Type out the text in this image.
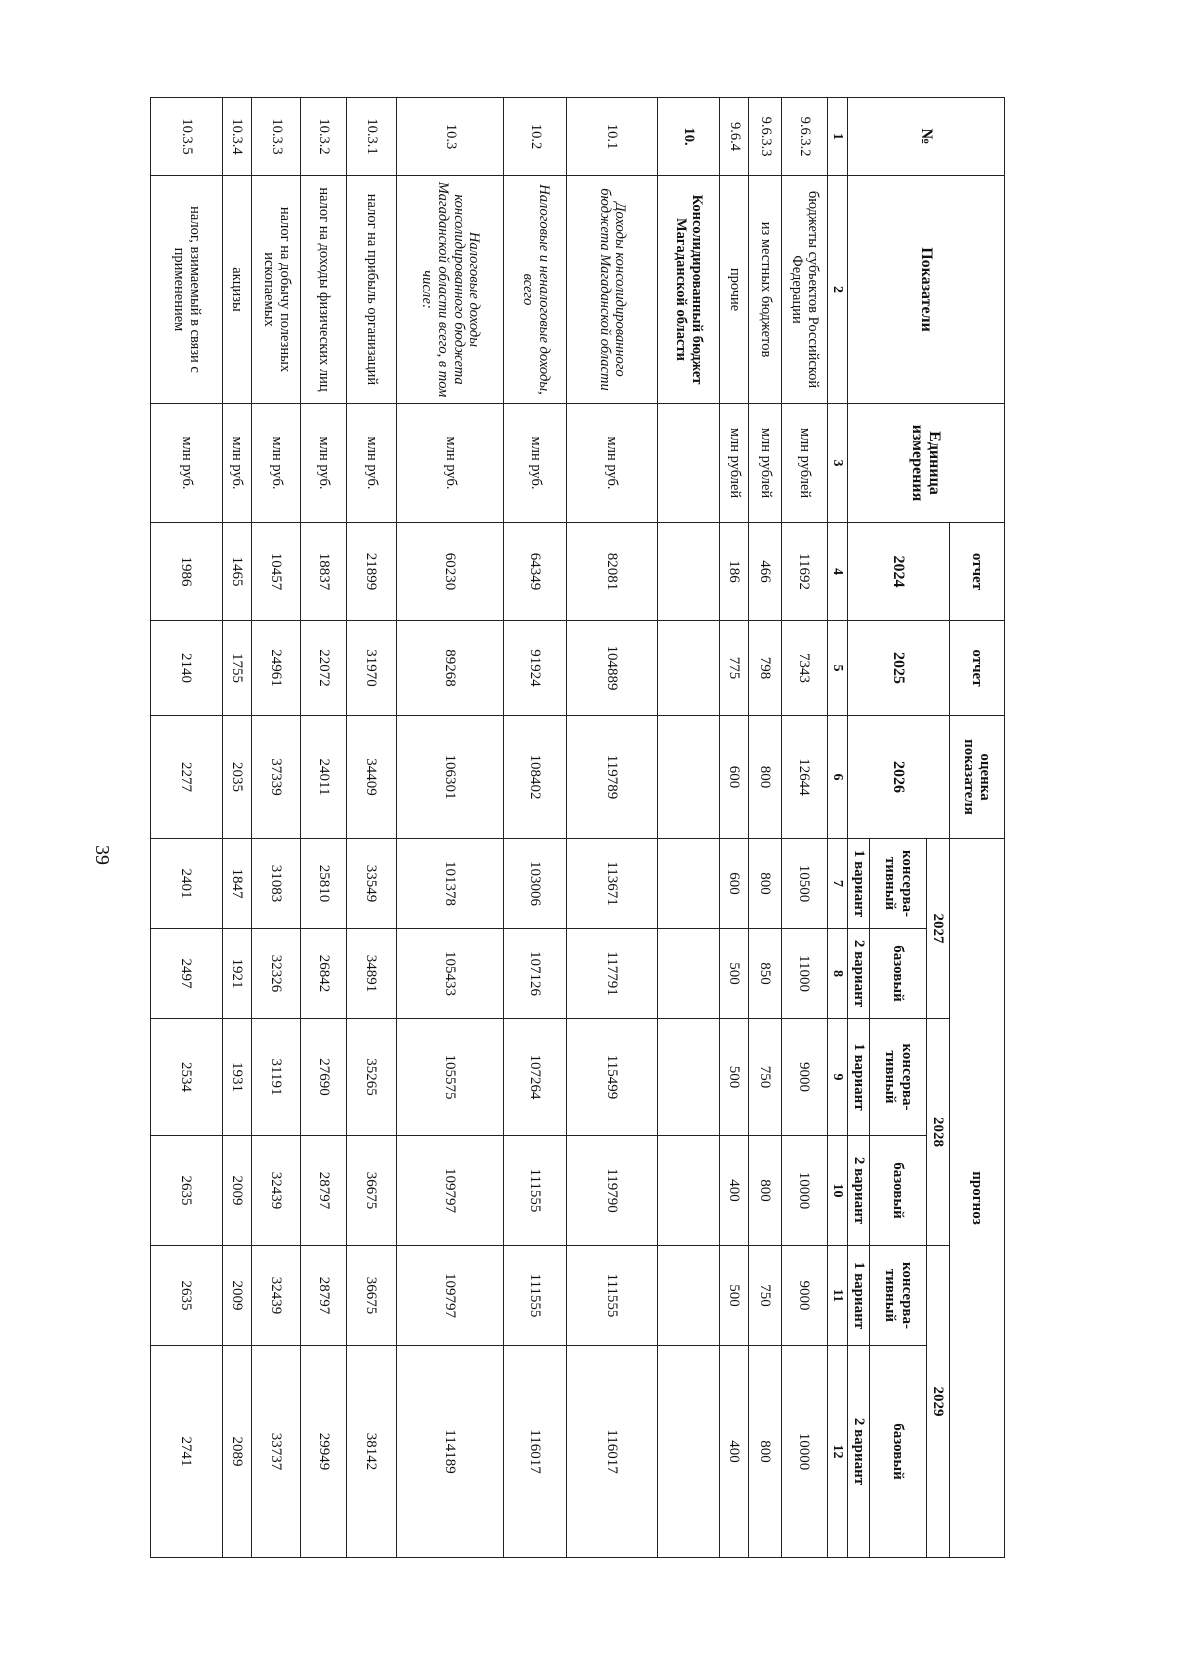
39
№	Показатели	Единица измерения	отчет	отчет	оценка показателя	прогноз					
			2024	2025	2026	2027		2028		2029	
						консерва-тивный	базовый	консерва-тивный	базовый	консерва-тивный	базовый
						1 вариант	2 вариант	1 вариант	2 вариант	1 вариант	2 вариант
1	2	3	4	5	6	7	8	9	10	11	12
9.6.3.2	бюджеты субъектов Российской Федерации	млн рублей	11692	7343	12644	10500	11000	9000	10000	9000	10000
9.6.3.3	из местных бюджетов	млн рублей	466	798	800	800	850	750	800	750	800
9.6.4	прочие	млн рублей	186	775	600	600	500	500	400	500	400
10.	Консолидированный бюджет Магаданской области										
10.1	Доходы консолидированного бюджета Магаданской области	млн руб.	82081	104889	119789	113671	117791	115499	119790	111555	116017
10.2	Налоговые и неналоговые доходы, всего	млн руб.	64349	91924	108402	103006	107126	107264	111555	111555	116017
10.3	Налоговые доходы консолидированного бюджета Магаданской области всего, в том числе:	млн руб.	60230	89268	106301	101378	105433	105575	109797	109797	114189
10.3.1	налог на прибыль организаций	млн руб.	21899	31970	34409	33549	34891	35265	36675	36675	38142
10.3.2	налог на доходы физических лиц	млн руб.	18837	22072	24011	25810	26842	27690	28797	28797	29949
10.3.3	налог на добычу полезных ископаемых	млн руб.	10457	24961	37339	31083	32326	31191	32439	32439	33737
10.3.4	акцизы	млн руб.	1465	1755	2035	1847	1921	1931	2009	2009	2089
10.3.5	налог, взимаемый в связи с применением	млн руб.	1986	2140	2277	2401	2497	2534	2635	2635	2741
